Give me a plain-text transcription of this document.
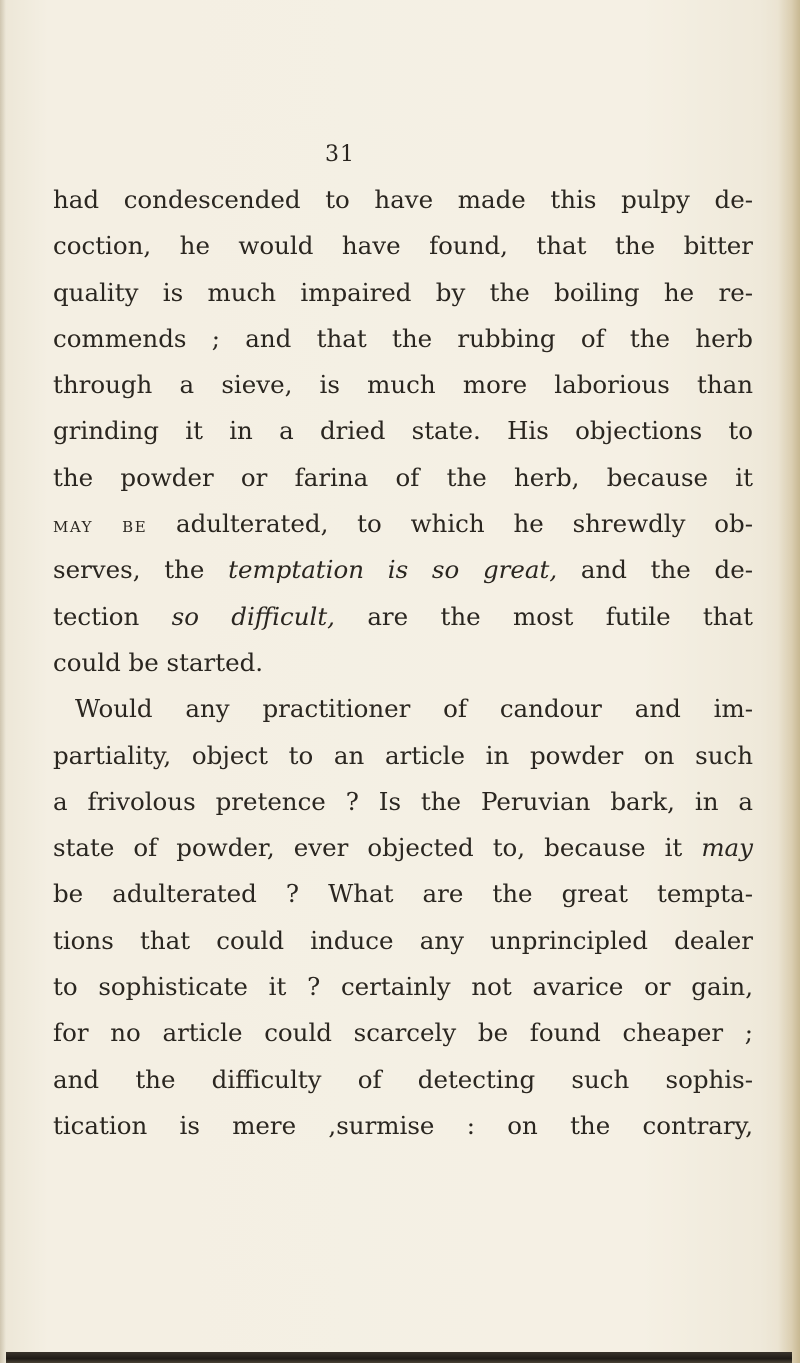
31
had condescended to have made this pulpy de-
coction, he would have found, that the bitter
quality is much impaired by the boiling he re-
commends ; and that the rubbing of the herb
through a sieve, is much more laborious than
grinding it in a dried state. His objections to
the powder or farina of the herb, because it
may be adulterated, to which he shrewdly ob-
serves, the temptation is so great, and the de-
tection so difficult, are the most futile that
could be started.
Would any practitioner of candour and im-
partiality, object to an article in powder on such
a frivolous pretence ? Is the Peruvian bark, in a
state of powder, ever objected to, because it may
be adulterated ? What are the great tempta-
tions that could induce any unprincipled dealer
to sophisticate it ? certainly not avarice or gain,
for no article could scarcely be found cheaper ;
and the difficulty of detecting such sophis-
tication is mere ,surmise : on the contrary,
